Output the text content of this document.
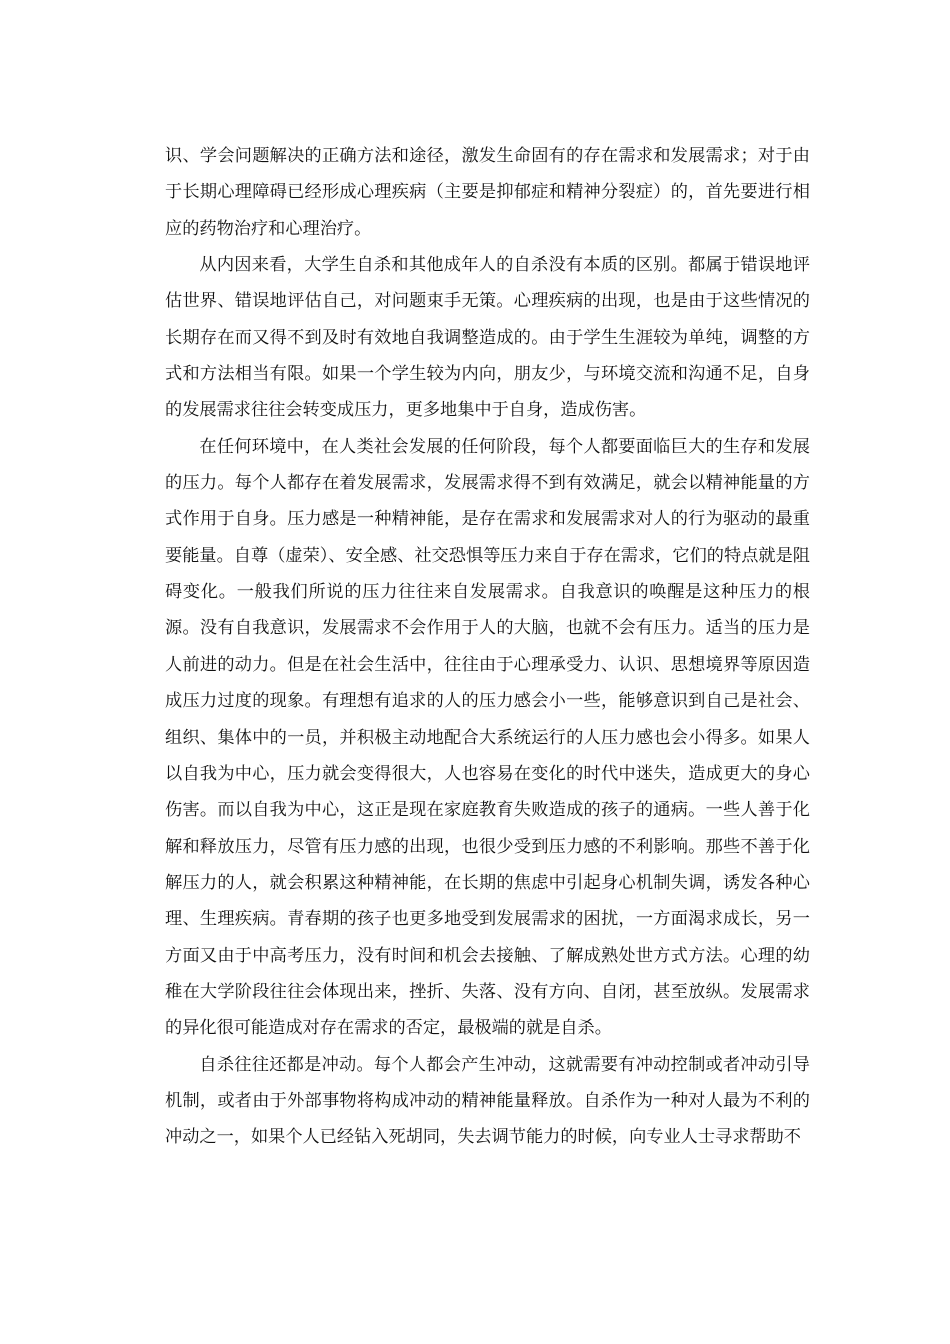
识、学会问题解决的正确方法和途径，激发生命固有的存在需求和发展需求；对于由于长期心理障碍已经形成心理疾病（主要是抑郁症和精神分裂症）的，首先要进行相应的药物治疗和心理治疗。

从内因来看，大学生自杀和其他成年人的自杀没有本质的区别。都属于错误地评估世界、错误地评估自己，对问题束手无策。心理疾病的出现，也是由于这些情况的长期存在而又得不到及时有效地自我调整造成的。由于学生生涯较为单纯，调整的方式和方法相当有限。如果一个学生较为内向，朋友少，与环境交流和沟通不足，自身的发展需求往往会转变成压力，更多地集中于自身，造成伤害。

在任何环境中，在人类社会发展的任何阶段，每个人都要面临巨大的生存和发展的压力。每个人都存在着发展需求，发展需求得不到有效满足，就会以精神能量的方式作用于自身。压力感是一种精神能，是存在需求和发展需求对人的行为驱动的最重要能量。自尊（虚荣）、安全感、社交恐惧等压力来自于存在需求，它们的特点就是阻碍变化。一般我们所说的压力往往来自发展需求。自我意识的唤醒是这种压力的根源。没有自我意识，发展需求不会作用于人的大脑，也就不会有压力。适当的压力是人前进的动力。但是在社会生活中，往往由于心理承受力、认识、思想境界等原因造成压力过度的现象。有理想有追求的人的压力感会小一些，能够意识到自己是社会、组织、集体中的一员，并积极主动地配合大系统运行的人压力感也会小得多。如果人以自我为中心，压力就会变得很大，人也容易在变化的时代中迷失，造成更大的身心伤害。而以自我为中心，这正是现在家庭教育失败造成的孩子的通病。一些人善于化解和释放压力，尽管有压力感的出现，也很少受到压力感的不利影响。那些不善于化解压力的人，就会积累这种精神能，在长期的焦虑中引起身心机制失调，诱发各种心理、生理疾病。青春期的孩子也更多地受到发展需求的困扰，一方面渴求成长，另一方面又由于中高考压力，没有时间和机会去接触、了解成熟处世方式方法。心理的幼稚在大学阶段往往会体现出来，挫折、失落、没有方向、自闭，甚至放纵。发展需求的异化很可能造成对存在需求的否定，最极端的就是自杀。

自杀往往还都是冲动。每个人都会产生冲动，这就需要有冲动控制或者冲动引导机制，或者由于外部事物将构成冲动的精神能量释放。自杀作为一种对人最为不利的冲动之一，如果个人已经钻入死胡同，失去调节能力的时候，向专业人士寻求帮助不
